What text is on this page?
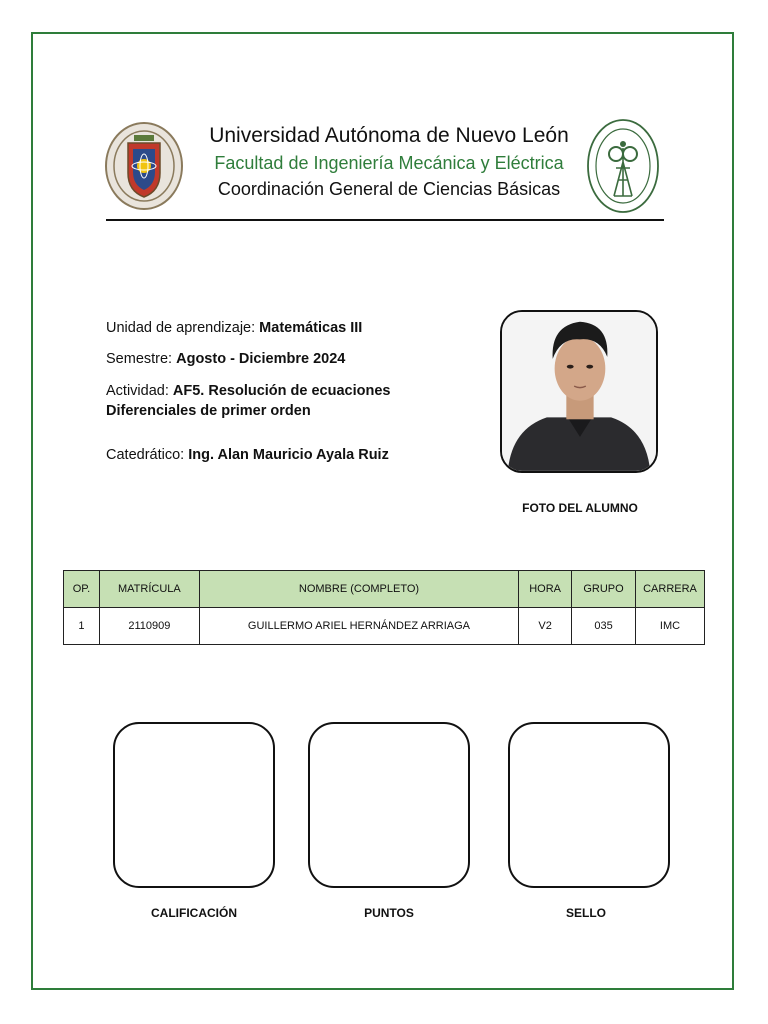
Universidad Autónoma de Nuevo León
Facultad de Ingeniería Mecánica y Eléctrica
Coordinación General de Ciencias Básicas

Unidad de aprendizaje: Matemáticas III

Semestre: Agosto - Diciembre 2024

Actividad: AF5. Resolución de ecuaciones
Diferenciales de primer orden

Catedrático: Ing. Alan Mauricio Ayala Ruiz

FOTO DEL ALUMNO
OP.	MATRÍCULA	NOMBRE (COMPLETO)	HORA	GRUPO	CARRERA
1	2110909	GUILLERMO ARIEL HERNÁNDEZ ARRIAGA	V2	035	IMC
CALIFICACIÓN	PUNTOS	SELLO
